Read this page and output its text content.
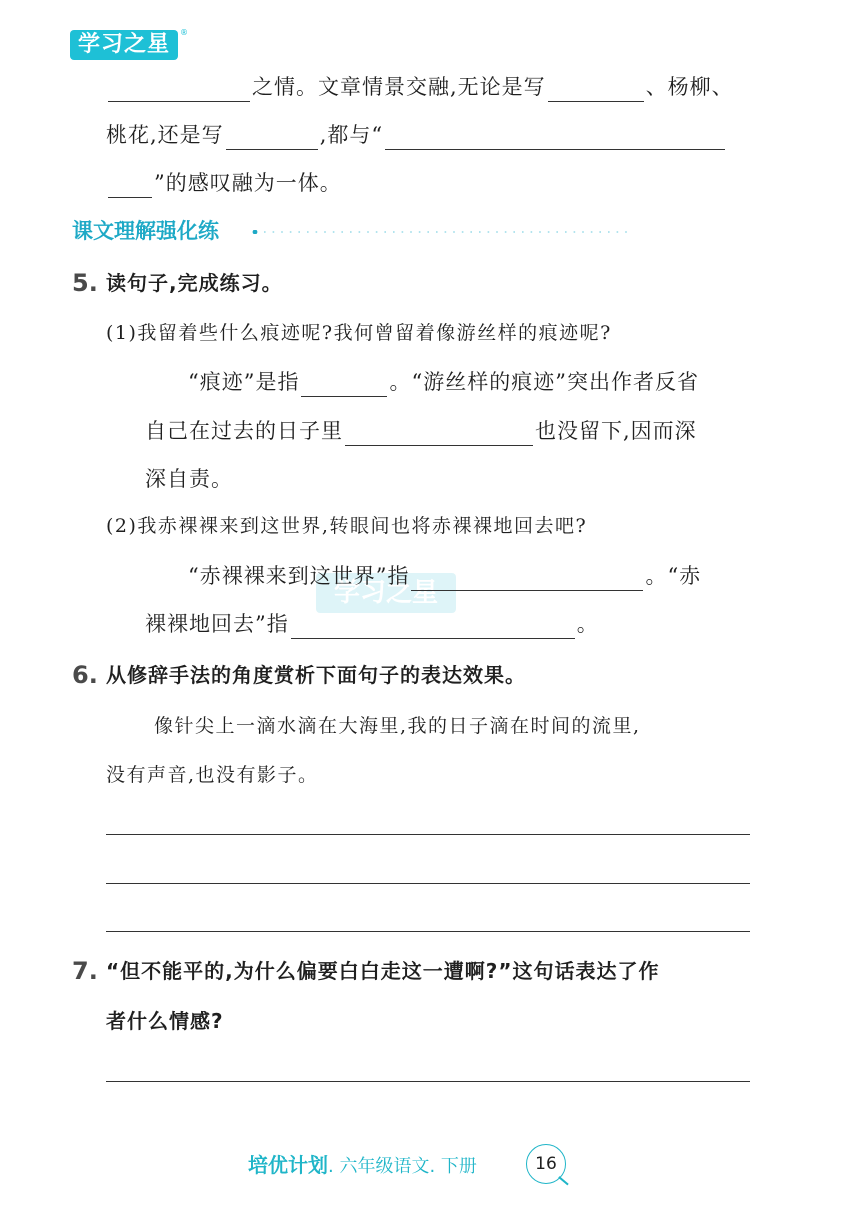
学习之星	®
之情。文章情景交融,无论是写	、杨柳、
桃花,还是写	,都与“
”的感叹融为一体。
课文理解强化练
5. 读句子,完成练习。
(1)我留着些什么痕迹呢?我何曾留着像游丝样的痕迹呢?
“痕迹”是指	。“游丝样的痕迹”突出作者反省
自己在过去的日子里	也没留下,因而深
深自责。
(2)我赤裸裸来到这世界,转眼间也将赤裸裸地回去吧?
学习之星
“赤裸裸来到这世界”指	。“赤
裸裸地回去”指	。
6. 从修辞手法的角度赏析下面句子的表达效果。
像针尖上一滴水滴在大海里,我的日子滴在时间的流里,
没有声音,也没有影子。
7. “但不能平的,为什么偏要白白走这一遭啊?”这句话表达了作
者什么情感?
培优计划. 六年级语文. 下册	16
